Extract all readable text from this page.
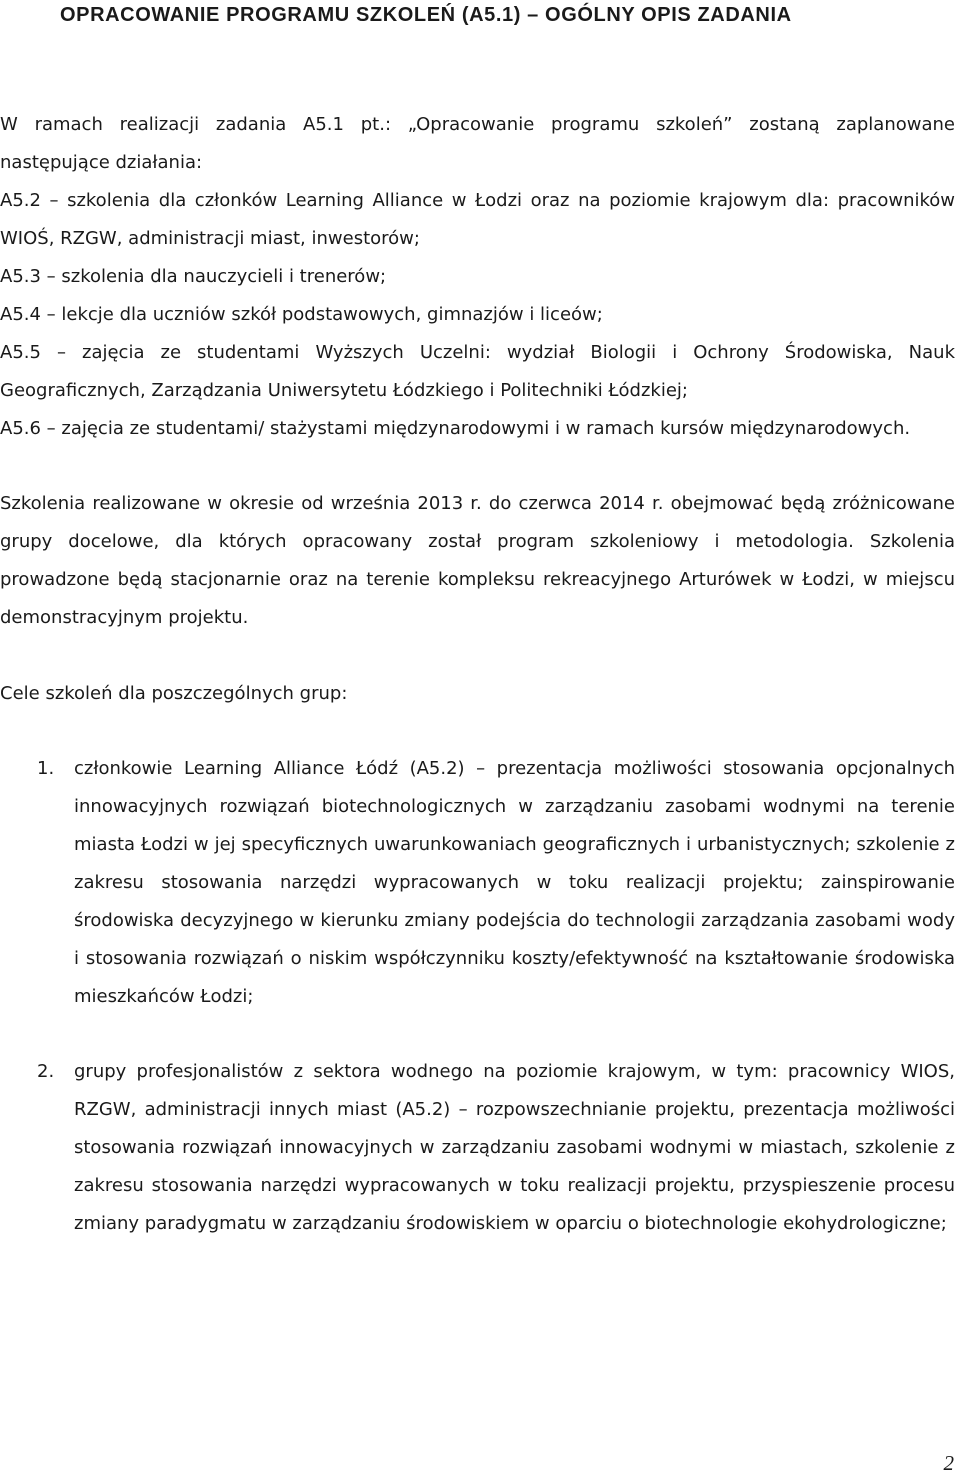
OPRACOWANIE PROGRAMU SZKOLEŃ (A5.1) – OGÓLNY OPIS ZADANIA

W ramach realizacji zadania A5.1 pt.: „Opracowanie programu szkoleń” zostaną zaplanowane następujące działania:

A5.2 – szkolenia dla członków Learning Alliance w Łodzi oraz na poziomie krajowym dla: pracowników WIOŚ, RZGW, administracji miast, inwestorów;

A5.3 – szkolenia dla nauczycieli i trenerów;

A5.4 – lekcje dla uczniów szkół podstawowych, gimnazjów i liceów;

A5.5 – zajęcia ze studentami Wyższych Uczelni: wydział Biologii i Ochrony Środowiska, Nauk Geograficznych, Zarządzania Uniwersytetu Łódzkiego i Politechniki Łódzkiej;

A5.6 – zajęcia ze studentami/ stażystami międzynarodowymi i w ramach kursów międzynarodowych.

Szkolenia realizowane w okresie od września 2013 r. do czerwca 2014 r. obejmować będą zróżnicowane grupy docelowe, dla których opracowany został program szkoleniowy i metodologia. Szkolenia prowadzone będą stacjonarnie oraz na terenie kompleksu rekreacyjnego Arturówek w Łodzi, w miejscu demonstracyjnym projektu.

Cele szkoleń dla poszczególnych grup:

1.	członkowie Learning Alliance Łódź (A5.2) – prezentacja możliwości stosowania opcjonalnych innowacyjnych rozwiązań biotechnologicznych w zarządzaniu zasobami wodnymi na terenie miasta Łodzi w jej specyficznych uwarunkowaniach geograficznych i urbanistycznych; szkolenie z zakresu stosowania narzędzi wypracowanych w toku realizacji projektu; zainspirowanie środowiska decyzyjnego w kierunku zmiany podejścia do technologii zarządzania zasobami wody i stosowania rozwiązań o niskim współczynniku koszty/efektywność na kształtowanie środowiska mieszkańców Łodzi;
2.	grupy profesjonalistów z sektora wodnego na poziomie krajowym, w tym: pracownicy WIOS, RZGW, administracji innych miast (A5.2) – rozpowszechnianie projektu, prezentacja możliwości stosowania rozwiązań innowacyjnych w zarządzaniu zasobami wodnymi w miastach, szkolenie z zakresu stosowania narzędzi wypracowanych w toku realizacji projektu, przyspieszenie procesu zmiany paradygmatu w zarządzaniu środowiskiem w oparciu o biotechnologie ekohydrologiczne;
2
